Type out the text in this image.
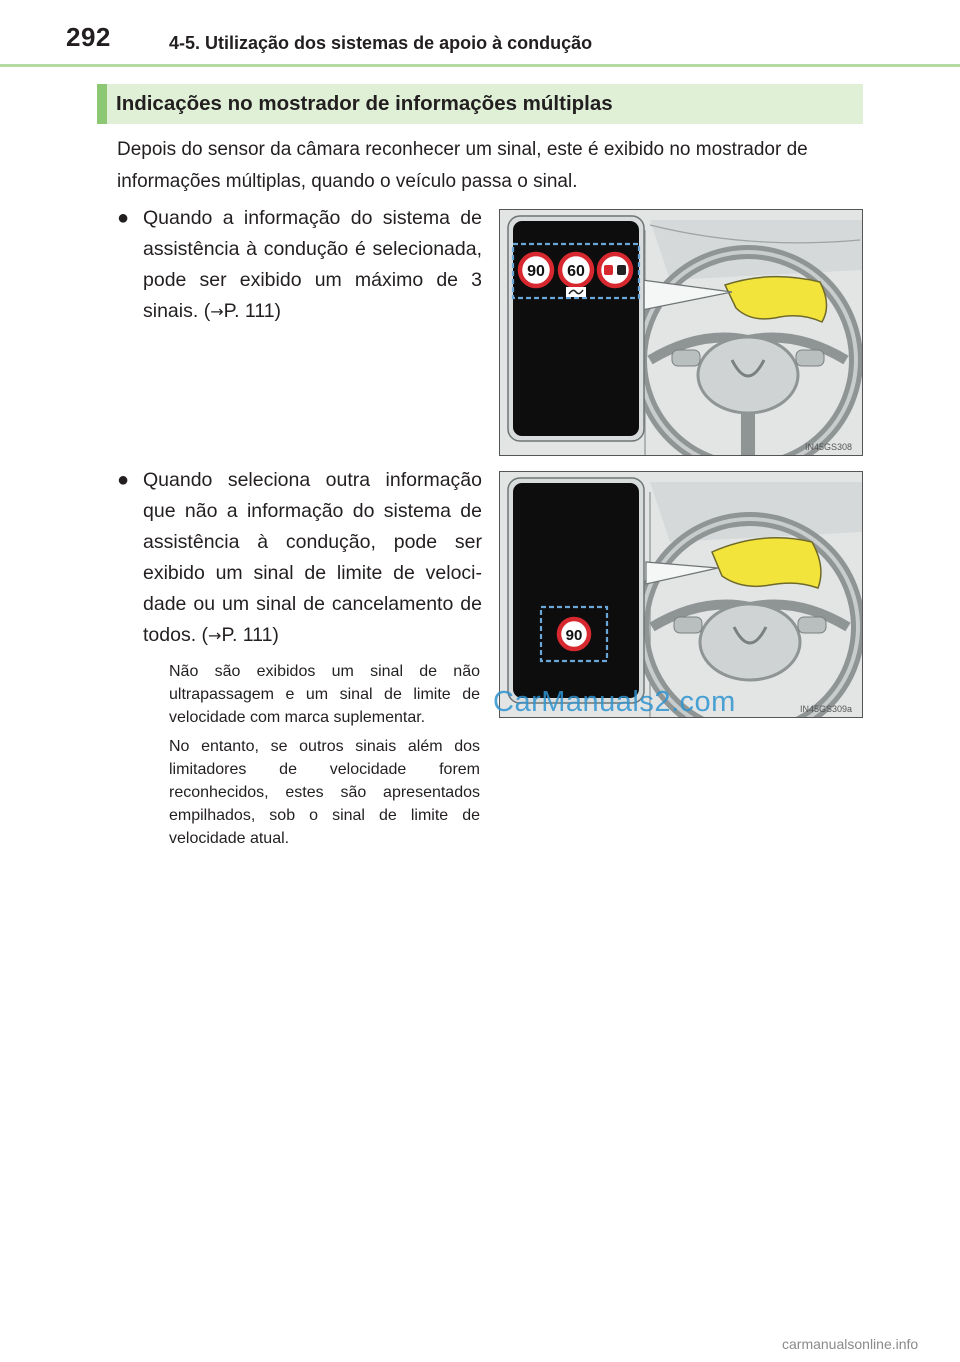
292	4-5. Utilização dos sistemas de apoio à condução
Indicações no mostrador de informações múltiplas

Depois do sensor da câmara reconhecer um sinal, este é exibido no mostrador de informações múltiplas, quando o veículo passa o sinal.

● Quando a informação do sistema de assistência à condução é selecionada, pode ser exibido um máximo de 3 sinais. (→P. 111)
90 60
IN45GS308
● Quando seleciona outra informação que não a informação do sistema de assistência à condução, pode ser exibido um sinal de limite de velocidade ou um sinal de cancelamento de todos. (→P. 111)
Não são exibidos um sinal de não ultrapassagem e um sinal de limite de velocidade com marca suplementar.
No entanto, se outros sinais além dos limitadores de velocidade forem reconhecidos, estes são apresentados empilhados, sob o sinal de limite de velocidade atual.
90
IN45GS309a
CarManuals2.com
carmanualsonline.info
